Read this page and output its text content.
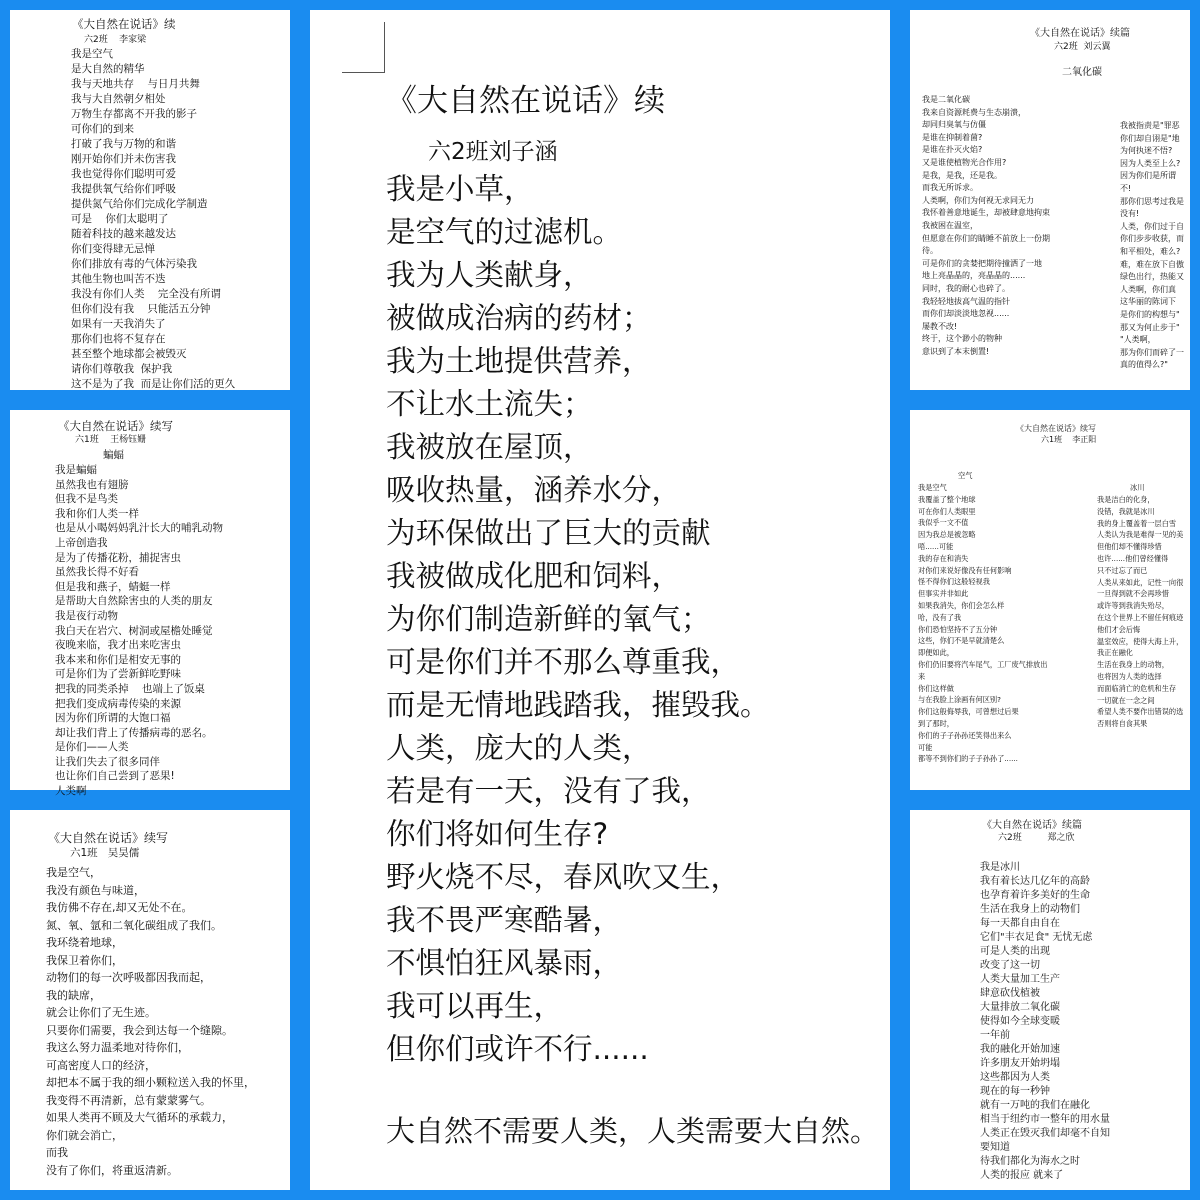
《大自然在说话》续
六2班    李家梁
我是空气
是大自然的精华
我与天地共存    与日月共舞
我与大自然朝夕相处
万物生存都离不开我的影子
可你们的到来
打破了我与万物的和谐
刚开始你们并未伤害我
我也觉得你们聪明可爱
我提供氧气给你们呼吸
提供氮气给你们完成化学制造
可是    你们太聪明了
随着科技的越来越发达
你们变得肆无忌惮
你们排放有毒的气体污染我
其他生物也叫苦不迭
我没有你们人类    完全没有所谓
但你们没有我    只能活五分钟
如果有一天我消失了
那你们也将不复存在
甚至整个地球都会被毁灭
请你们尊敬我  保护我
这不是为了我  而是让你们活的更久
《大自然在说话》续写
六1班    王杨钰姗
蝙蝠
我是蝙蝠
虽然我也有翅膀
但我不是鸟类
我和你们人类一样
也是从小喝妈妈乳汁长大的哺乳动物
上帝创造我
是为了传播花粉，捕捉害虫
虽然我长得不好看
但是我和燕子，蜻蜓一样
是帮助大自然除害虫的人类的朋友
我是夜行动物
我白天在岩穴、树洞或屋檐处睡觉
夜晚来临，我才出来吃害虫
我本来和你们是相安无事的
可是你们为了尝新鲜吃野味
把我的同类杀掉    也端上了饭桌
把我们变成病毒传染的来源
因为你们所谓的大饱口福
却让我们背上了传播病毒的恶名。
是你们——人类
让我们失去了很多同伴
也让你们自己尝到了恶果!
人类啊
《大自然在说话》续写
六1班   吴昊儒
我是空气，
我没有颜色与味道，
我仿佛不存在,却又无处不在。
氮、氧、氩和二氧化碳组成了我们。
我环绕着地球，
我保卫着你们，
动物们的每一次呼吸都因我而起，
我的缺席，
就会让你们了无生迹。
只要你们需要，我会到达每一个缝隙。
我这么努力温柔地对待你们，
可高密度人口的经济，
却把本不属于我的细小颗粒送入我的怀里，
我变得不再清新，总有蒙蒙雾气。
如果人类再不顾及大气循环的承载力，
你们就会消亡，
而我
没有了你们，将重返清新。
《大自然在说话》续
六2班刘子涵
我是小草，
是空气的过滤机。
我为人类献身，
被做成治病的药材；
我为土地提供营养，
不让水土流失；
我被放在屋顶，
吸收热量，涵养水分，
为环保做出了巨大的贡献
我被做成化肥和饲料，
为你们制造新鲜的氧气；
可是你们并不那么尊重我，
而是无情地践踏我，摧毁我。
人类，庞大的人类，
若是有一天，没有了我，
你们将如何生存?
野火烧不尽，春风吹又生，
我不畏严寒酷暑，
不惧怕狂风暴雨，
我可以再生，
但你们或许不行......
大自然不需要人类，人类需要大自然。
《大自然在说话》续篇
六2班  刘云翼
二氧化碳
我是二氧化碳
我来自资源耗费与生态崩溃，
却同归臭氧与仿僵
是谁在抑制着菌?
是谁在扑灭火焰?
又是谁使植物光合作用?
是我，是我，还是我。
而我无所诉求。
人类啊，你们为何视无求同无力
我怀着善意地诞生，却被肆意地拘束
我被困在温室，
但愿意在你们的睛睡不前放上一份期
待。
可是你们的贪婪把期待撞洒了一地
地上亮晶晶的，亮晶晶的......
同时，我的耐心也碎了。
我轻轻地拔高气温的指针
而你们却淡淡地忽视......
屡教不改!
终于，这个渺小的物种
意识到了本末倒置!
我被指责是"罪恶
你们却自诩是"地
为何执迷不悟?
因为人类至上么?
因为你们是所谓
不!
那你们思考过我是
没有!
人类，你们过于自
你们步步收获，而
和平相处，难么?
难，难在放下自傲
绿色出行，热能又
人类啊，你们真
这华丽的陈词下
是你们的构想与"
那又为何止步于"
"人类啊，
那为你们而碎了一
真的值得么?"
《大自然在说话》续写
六1班    李正阳
空气
冰川
我是空气
我覆盖了整个地球
可在你们人类眼里
我似乎一文不值
因为我总是被忽略
唔......可能
我的存在和消失
对你们来说好像没有任何影响
怪不得你们这般轻视我
但事实并非如此
如果我消失，你们会怎么样
哈，没有了我
你们恐怕坚持不了五分钟
这些，你们不是早就清楚么
即便如此，
你们仍旧要将汽车尾气，工厂废气排放出
来
你们这样做
与在我脸上涂画有何区别?
你们这般侮辱我，可曾想过后果
到了那时，
你们的子子孙孙还笑得出来么
可能
都等不到你们的子子孙孙了......
我是洁白的化身，
没错，我就是冰川
我的身上覆盖着一层白雪
人类认为我是难得一见的美
但他们却不懂得珍惜
也许......他们曾经懂得
只不过忘了而已
人类从来如此，记性一向很
一旦得到就不会再珍惜
或许等到我消失殆尽，
在这个世界上不留任何痕迹
他们才会后悔
温室效应，使得大海上升，
我正在融化
生活在我身上的动物，
也将因为人类的选择
而面临消亡的危机和生存
一切就在一念之间
希望人类不要作出错误的选
否则将自食其果
《大自然在说话》续篇
六2班         郑之欣
我是冰川
我有着长达几亿年的高龄
也孕育着许多美好的生命
生活在我身上的动物们
每一天都自由自在
它们"丰衣足食" 无忧无虑
可是人类的出现
改变了这一切
人类大量加工生产
肆意砍伐植被
大量排放二氧化碳
使得如今全球变暖
一年前
我的融化开始加速
许多朋友开始坍塌
这些都因为人类
现在的每一秒钟
就有一万吨的我们在融化
相当于纽约市一整年的用水量
人类正在毁灭我们却毫不自知
要知道
待我们都化为海水之时
人类的报应 就来了
